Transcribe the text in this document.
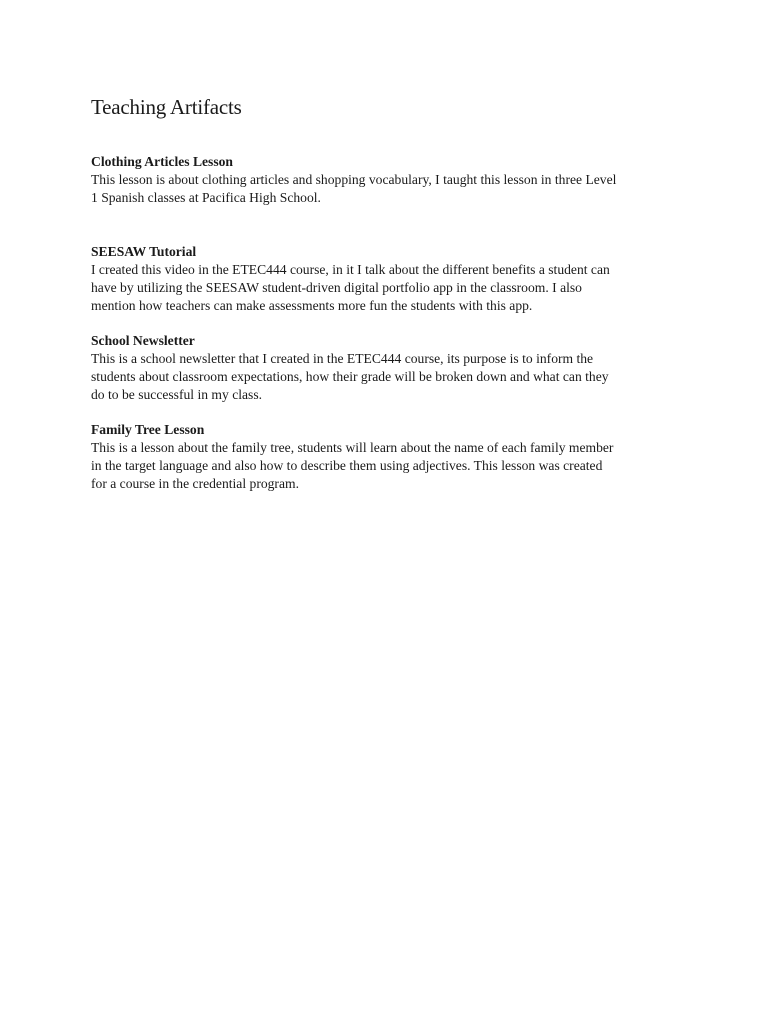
Teaching Artifacts
Clothing Articles Lesson

This lesson is about clothing articles and shopping vocabulary, I taught this lesson in three Level
1 Spanish classes at Pacifica High School.

SEESAW Tutorial

I created this video in the ETEC444 course, in it I talk about the different benefits a student can
have by utilizing the SEESAW student-driven digital portfolio app in the classroom. I also
mention how teachers can make assessments more fun the students with this app.

School Newsletter

This is a school newsletter that I created in the ETEC444 course, its purpose is to inform the
students about classroom expectations, how their grade will be broken down and what can they
do to be successful in my class.

Family Tree Lesson

This is a lesson about the family tree, students will learn about the name of each family member
in the target language and also how to describe them using adjectives. This lesson was created
for a course in the credential program.
